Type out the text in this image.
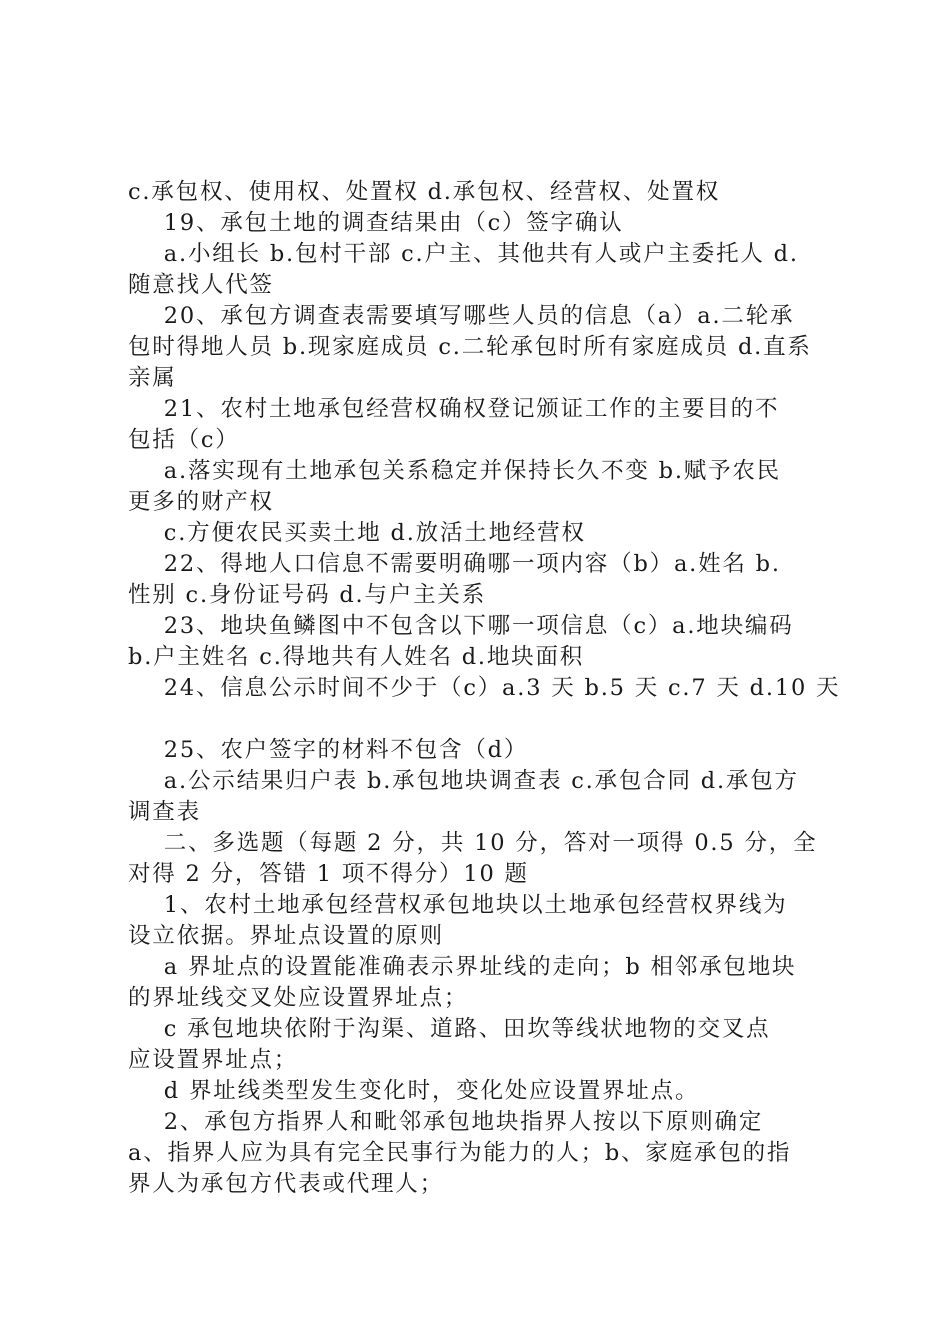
c.承包权、使用权、处置权 d.承包权、经营权、处置权
19、承包土地的调查结果由（c）签字确认
a.小组长 b.包村干部 c.户主、其他共有人或户主委托人 d.
随意找人代签
20、承包方调查表需要填写哪些人员的信息（a）a.二轮承
包时得地人员 b.现家庭成员 c.二轮承包时所有家庭成员 d.直系
亲属
21、农村土地承包经营权确权登记颁证工作的主要目的不
包括（c）
a.落实现有土地承包关系稳定并保持长久不变 b.赋予农民
更多的财产权
c.方便农民买卖土地 d.放活土地经营权
22、得地人口信息不需要明确哪一项内容（b）a.姓名 b.
性别 c.身份证号码 d.与户主关系
23、地块鱼鳞图中不包含以下哪一项信息（c）a.地块编码
b.户主姓名 c.得地共有人姓名 d.地块面积
24、信息公示时间不少于（c）a.3 天 b.5 天 c.7 天 d.10 天
25、农户签字的材料不包含（d）
a.公示结果归户表 b.承包地块调查表 c.承包合同 d.承包方
调查表
二、多选题（每题 2 分，共 10 分，答对一项得 0.5 分，全
对得 2 分，答错 1 项不得分）10 题
1、农村土地承包经营权承包地块以土地承包经营权界线为
设立依据。界址点设置的原则
a 界址点的设置能准确表示界址线的走向；b 相邻承包地块
的界址线交叉处应设置界址点；
c 承包地块依附于沟渠、道路、田坎等线状地物的交叉点
应设置界址点；
d 界址线类型发生变化时，变化处应设置界址点。
2、承包方指界人和毗邻承包地块指界人按以下原则确定
a、指界人应为具有完全民事行为能力的人；b、家庭承包的指
界人为承包方代表或代理人；
